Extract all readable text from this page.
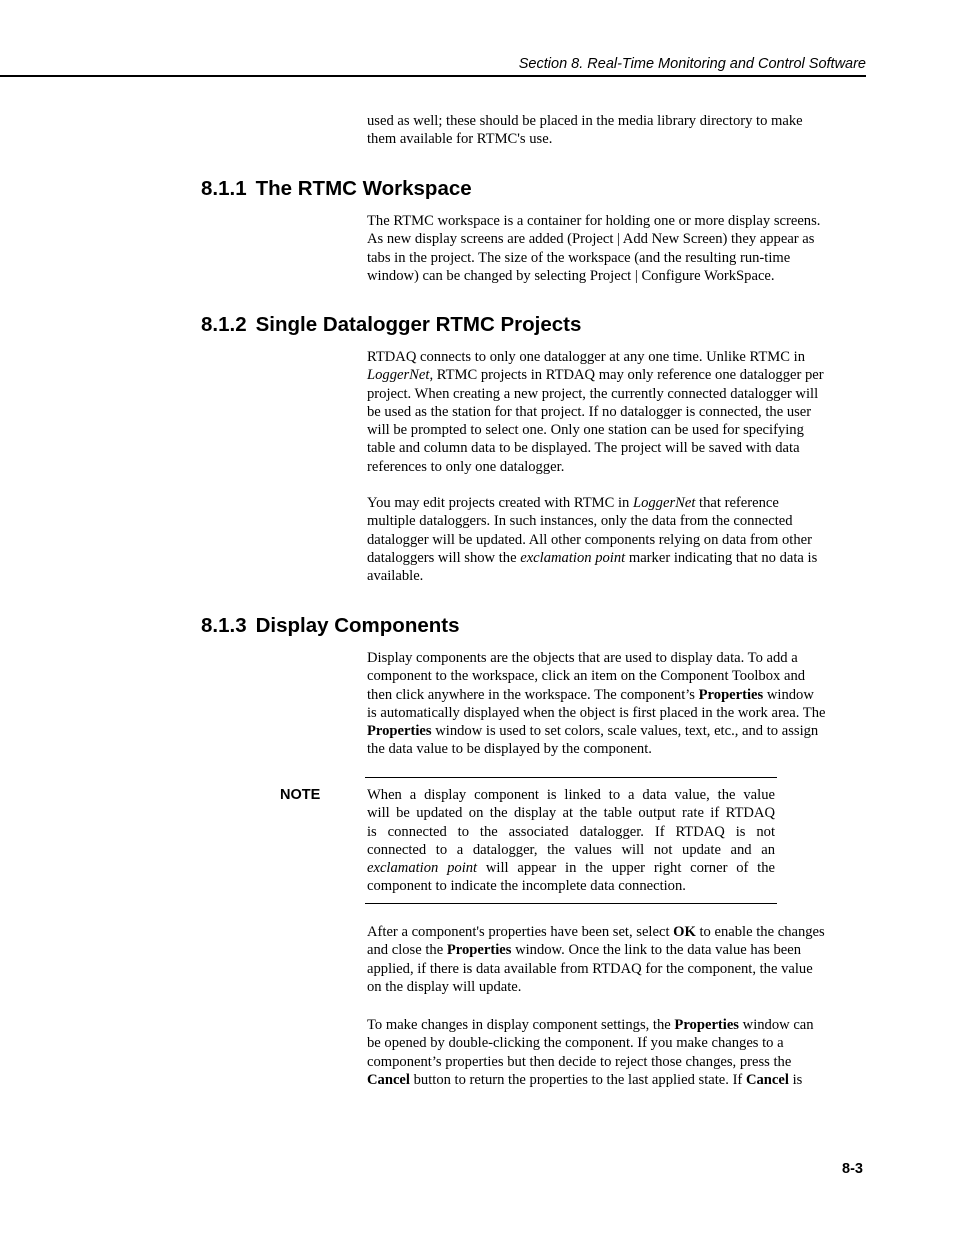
Section 8. Real-Time Monitoring and Control Software
used as well; these should be placed in the media library directory to make
them available for RTMC's use.
8.1.1 The RTMC Workspace
The RTMC workspace is a container for holding one or more display screens.
As new display screens are added (Project | Add New Screen) they appear as
tabs in the project. The size of the workspace (and the resulting run-time
window) can be changed by selecting Project | Configure WorkSpace.
8.1.2 Single Datalogger RTMC Projects
RTDAQ connects to only one datalogger at any one time. Unlike RTMC in
LoggerNet, RTMC projects in RTDAQ may only reference one datalogger per
project. When creating a new project, the currently connected datalogger will
be used as the station for that project. If no datalogger is connected, the user
will be prompted to select one. Only one station can be used for specifying
table and column data to be displayed. The project will be saved with data
references to only one datalogger.
You may edit projects created with RTMC in LoggerNet that reference
multiple dataloggers. In such instances, only the data from the connected
datalogger will be updated. All other components relying on data from other
dataloggers will show the exclamation point marker indicating that no data is
available.
8.1.3 Display Components
Display components are the objects that are used to display data. To add a
component to the workspace, click an item on the Component Toolbox and
then click anywhere in the workspace. The component’s Properties window
is automatically displayed when the object is first placed in the work area. The
Properties window is used to set colors, scale values, text, etc., and to assign
the data value to be displayed by the component.
NOTE	When a display component is linked to a data value, the value
will be updated on the display at the table output rate if RTDAQ
is connected to the associated datalogger. If RTDAQ is not
connected to a datalogger, the values will not update and an
exclamation point will appear in the upper right corner of the
component to indicate the incomplete data connection.
After a component's properties have been set, select OK to enable the changes
and close the Properties window. Once the link to the data value has been
applied, if there is data available from RTDAQ for the component, the value
on the display will update.
To make changes in display component settings, the Properties window can
be opened by double-clicking the component. If you make changes to a
component’s properties but then decide to reject those changes, press the
Cancel button to return the properties to the last applied state. If Cancel is
8-3
